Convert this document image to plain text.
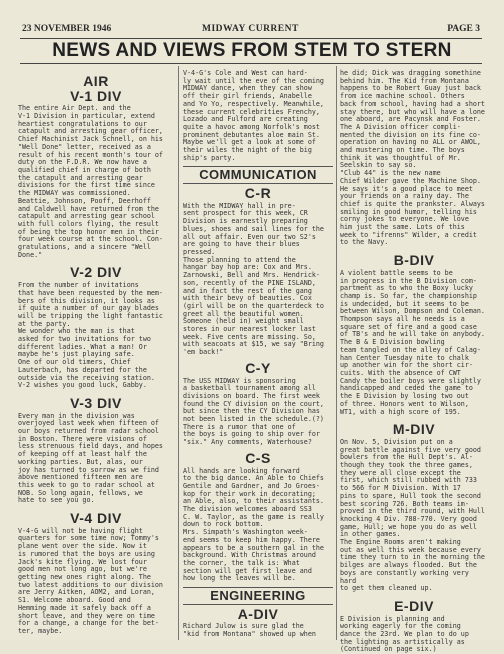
23 NOVEMBER 1946	MIDWAY CURRENT	PAGE 3
NEWS AND VIEWS FROM STEM TO STERN
AIR
V-1 DIV
The entire Air Dept. and the
V-1 Division in particular, extend
heartiest congratulations to our
catapult and arresting gear officer,
Chief Machinist Jack Schnell, on his
"Well Done" letter, received as a
result of his recent month's tour of
duty on the F.D.R. We now have a
qualified chief in charge of both
the catapult and arresting gear
divisions for the first time since
the MIDWAY was commissioned.
Beattie, Johnson, Pooff, Deerhoff
and Caldwell have returned from the
catapult and arresting gear school
with full colors flying, the result
of being the top honor men in their
four week course at the school. Con-
gratulations, and a sincere "Well
Done."
V-2 DIV
From the number of invitations
that have been requested by the mem-
bers of this division, it looks as
if quite a number of our gay blades
will be tripping the light fantastic
at the party.
We wonder who the man is that
asked for two invitations for two
different ladies. What a man! Or
maybe he's just playing safe.
One of our old timers, Chief
Lauterbach, has departed for the
outside via the receiving station.
V-2 wishes you good luck, Gabby.
V-3 DIV
Every man in the division was
overjoyed last week when fifteen of
our boys returned from radar school
in Boston. There were visions of
less strenuous field days, and hopes
of keeping off at least half the
working parties. But, alas, our
joy has turned to sorrow as we find
above mentioned fifteen men are
this week to go to radar school at
NOB. So long again, fellows, we
hate to see you go.
V-4 DIV
V-4-G will not be having flight
quarters for some time now; Tommy's
plane went over the side. Now it
is rumored that the boys are using
Jack's kite flying. We lost four
good men not long ago, but we're
getting new ones right along. The
two latest additions to our division
are Jerry Aitken, AOM2, and Loran,
S1. Welcome aboard. Good and
Hemming made it safely back off a
short leave, and they were on time
for a change, a change for the bet-
ter, maybe.
V-4-G's Cole and West can hard-
ly wait until the eve of the coming
MIDWAY dance, when they can show
off their girl friends, Anabelle
and Yo Yo, respectively. Meanwhile,
these current celebrities Frenchy,
Lozado and Fulford are creating
quite a havoc among Norfolk's most
prominent debutantes aloe main St.
Maybe we'll get a look at some of
their wiles the night of the big
ship's party.
COMMUNICATION
C-R
With the MIDWAY hall in pre-
sent prospect for this week, CR
Division is earnestly preparing
blues, shoes and sail lines for the
all out affair. Even our two S2's
are going to have their blues
pressed.
Those planning to attend the
hangar bay hop are: Cox and Mrs.
Zarnowski, Bell and Mrs. Hendrick-
son, recently of the PINE ISLAND,
and in fact the rest of the gang
with their bevy of beauties. Cox
(girl will be on the quarterdeck to
greet all the beautiful women.
Someone (held in) weight small
stores in our nearest locker last
week. Five cents are missing. So,
with seacoats at $15, we say "Bring
'em back!"
C-Y
The USS MIDWAY is sponsoring
a basketball tournament among all
divisions on board. The first week
found the CY division on the court,
but since then the CY Division has
not been listed in the schedule.(?)
There is a rumor that one of
the boys is going to ship over for
"six." Any comments, Waterhouse?
C-S
All hands are looking forward
to the big dance. An Able to Chiefs
Gentile and Gardner, and Jo Groes-
kop for their work in decorating;
an Able, also, to their assistants.
The division welcomes aboard SS3
C. W. Taylor, as the game is really
down to rock bottom.
Mrs. Simpath's Washington week-
end seems to keep him happy. There
appears to be a southern gal in the
background. With Christmas around
the corner, the talk is: What
section will get first leave and
how long the leaves will be.
ENGINEERING
A-DIV
Richard Julow is sure glad the
"kid from Montana" showed up when
he did; Dick was dragging somethine
behind him. The Kid from Montana
happens to be Robert Guay just back
from ice machine school. Others
back from school, having had a short
stay there, but who will have a lone
one aboard, are Pacynsk and Foster.
The A Division officer compli-
mented the division on its fine co-
operation on having no ALL or AWOL,
and mustering on time. The boys
think it was thoughtful of Mr.
Seelskin to say so.
"Club 44" is the new name
Chief Wilder gave the Machine Shop.
He says it's a good place to meet
your friends on a rainy day. The
chief is quite the prankster. Always
smiling in good humor, telling his
corny jokes to everyone. We love
him just the same. Lots of this
week to "ifrenns" Wilder, a credit
to the Navy.
B-DIV
A violent battle seems to be
in progress in the B Division com-
partment as to who the Boxy lucky
champ is. So far, the championship
is undecided, but it seems to be
between Wilson, Dompson and Coleman.
Thompson says all he needs is a
square set of fire and a good case
of TB's and he will take on anybody.
The B & E Division bowling
team tangled on the alley of Calag-
han Center Tuesday nite to chalk
up another win for the short cir-
cuits. With the absence of CWT
Candy the boiler boys were slightly
handicapped and ceded the game to
the E Division by losing two out
of three. Honors went to Wilson,
WT1, with a high score of 195.
M-DIV
On Nov. 5, Division put on a
great battle against five very good
bowlers from the Hull Dept's. Al-
though they took the three games,
they were all close except the
first, which still rubbed with 733
to 566 for M Division. With 17
pins to spare, Hull took the second
best scoring 726. Both teams im-
proved in the third round, with Hull
knocking 4 Div. 788-770. Very good
game, Hull; we hope you do as well
in other games.
The Engine Rooms aren't making
out as well this week because every
time they turn to in the morning the
bilges are always flooded. But the
boys are constantly working very hard
to get them cleaned up.
E-DIV
E Division is planning and
working eagerly for the coming
dance the 23rd. We plan to do up
the lighting as artistically as
(Continued on page six.)
